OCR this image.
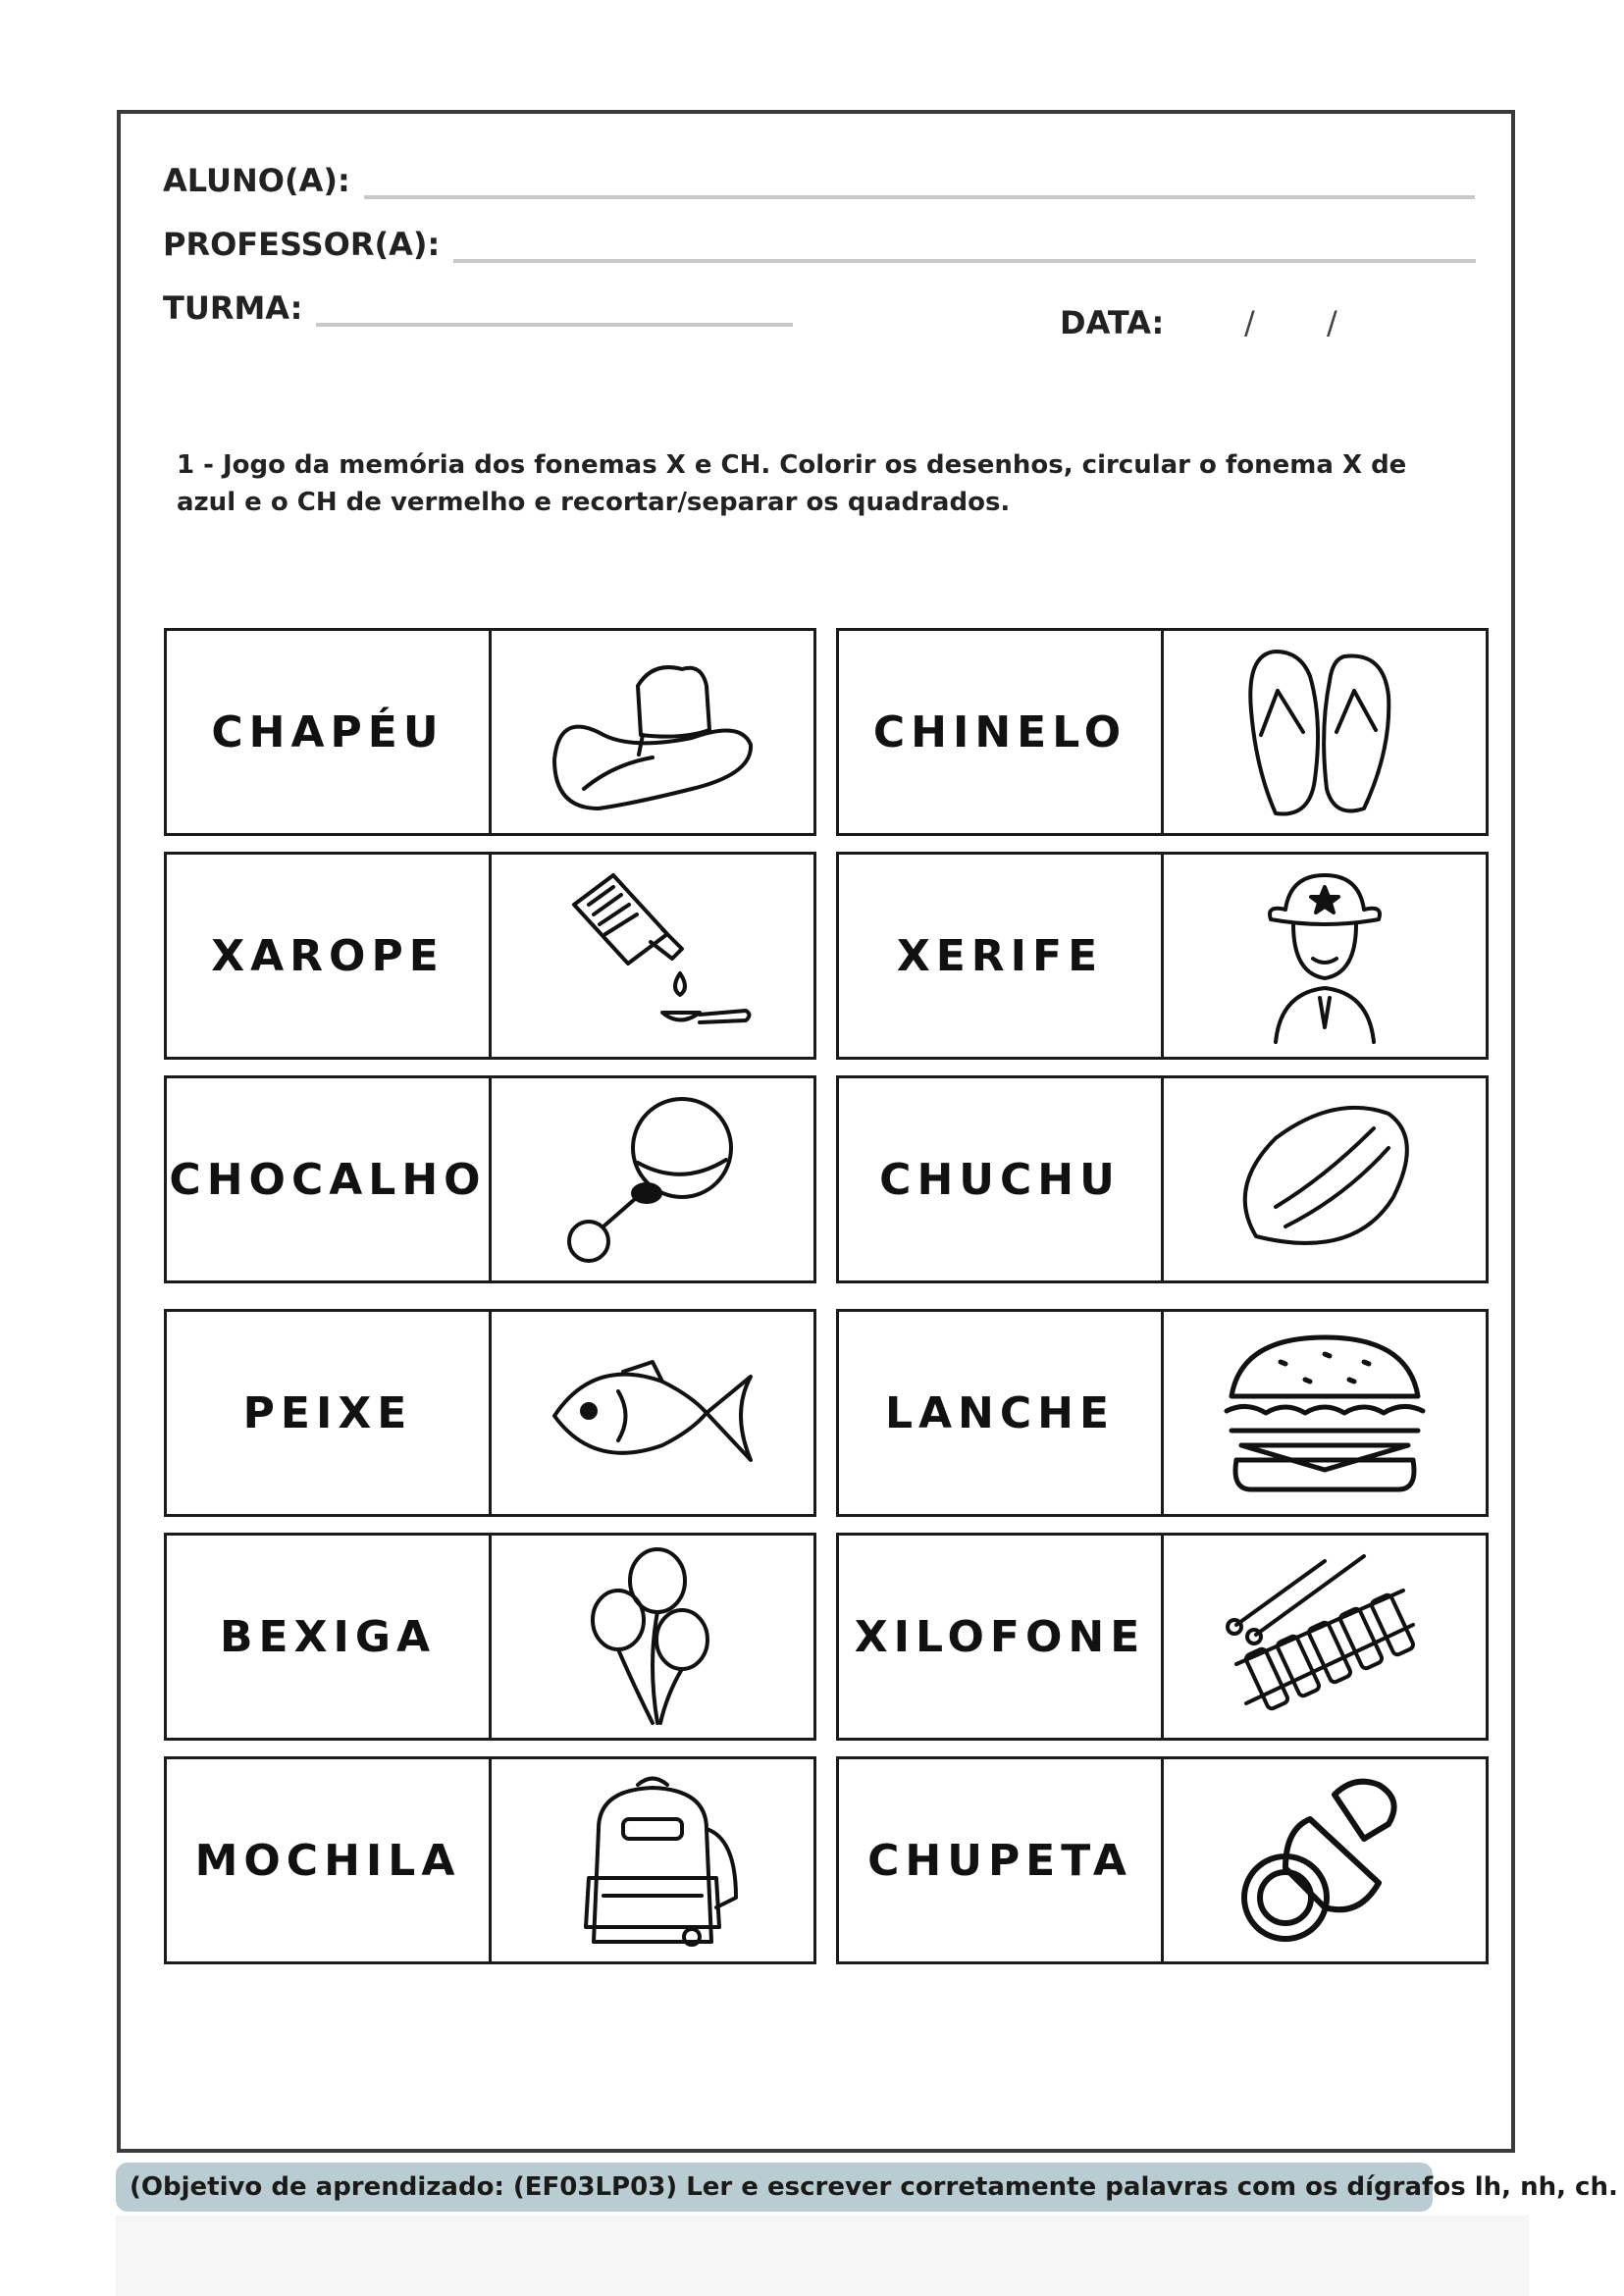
ALUNO(A):
PROFESSOR(A):
TURMA:	DATA:	/ /
1 - Jogo da memória dos fonemas X e CH. Colorir os desenhos, circular o fonema X de azul e o CH de vermelho e recortar/separar os quadrados.
CHAPÉU	CHINELO
XAROPE	XERIFE
CHOCALHO	CHUCHU
PEIXE	LANCHE
BEXIGA	XILOFONE
MOCHILA	CHUPETA
(Objetivo de aprendizado: (EF03LP03) Ler e escrever corretamente palavras com os dígrafos lh, nh, ch.
